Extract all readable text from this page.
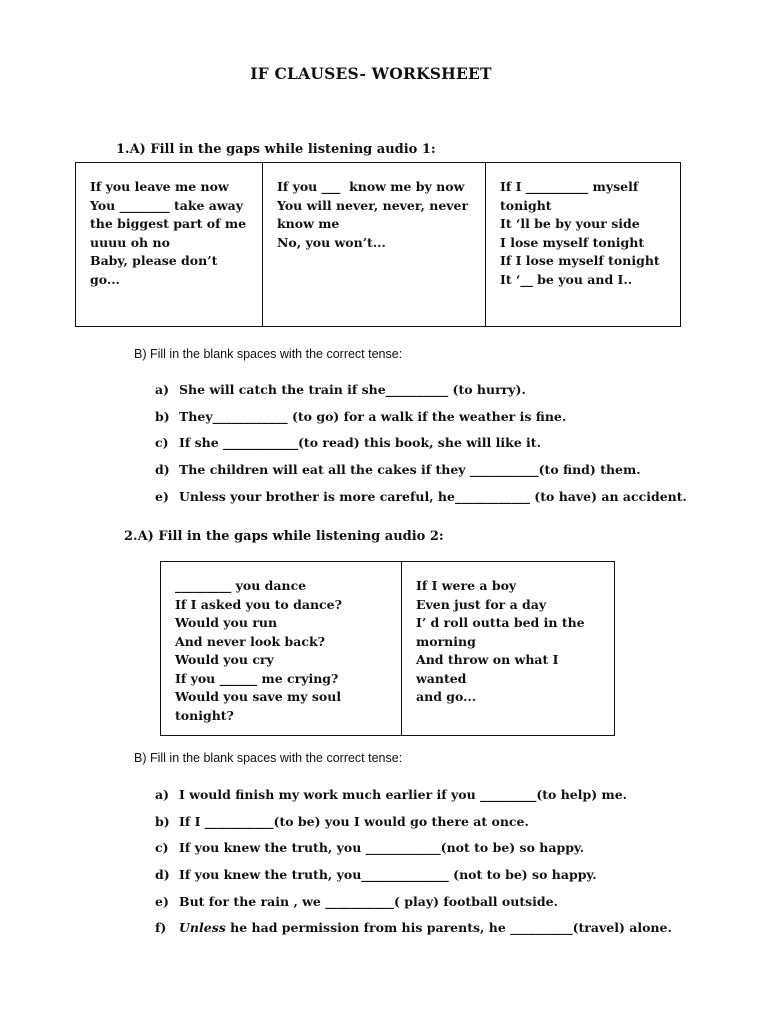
IF CLAUSES- WORKSHEET
1.A) Fill in the gaps while listening audio 1:
If you leave me now
You ________ take away
the biggest part of me
uuuu oh no
Baby, please don’t go...

If you ___  know me by now
You will never, never, never
know me
No, you won’t...

If I __________ myself
tonight
It ‘ll be by your side
I lose myself tonight
If I lose myself tonight
It ‘__ be you and I..
B) Fill in the blank spaces with the correct tense:
a) She will catch the train if she__________ (to hurry).
b) They____________ (to go) for a walk if the weather is fine.
c) If she ____________(to read) this book, she will like it.
d) The children will eat all the cakes if they ___________(to find) them.
e) Unless your brother is more careful, he____________ (to have) an accident.
2.A) Fill in the gaps while listening audio 2:
_________ you dance
If I asked you to dance?
Would you run
And never look back?
Would you cry
If you ______ me crying?
Would you save my soul tonight?

If I were a boy
Even just for a day
I’ d roll outta bed in the
morning
And throw on what I wanted
and go...
B) Fill in the blank spaces with the correct tense:
a) I would finish my work much earlier if you _________(to help) me.
b) If I ___________(to be) you I would go there at once.
c) If you knew the truth, you ____________(not to be) so happy.
d) If you knew the truth, you______________ (not to be) so happy.
e) But for the rain , we ___________( play) football outside.
f)	Unless he had permission from his parents, he __________(travel) alone.
